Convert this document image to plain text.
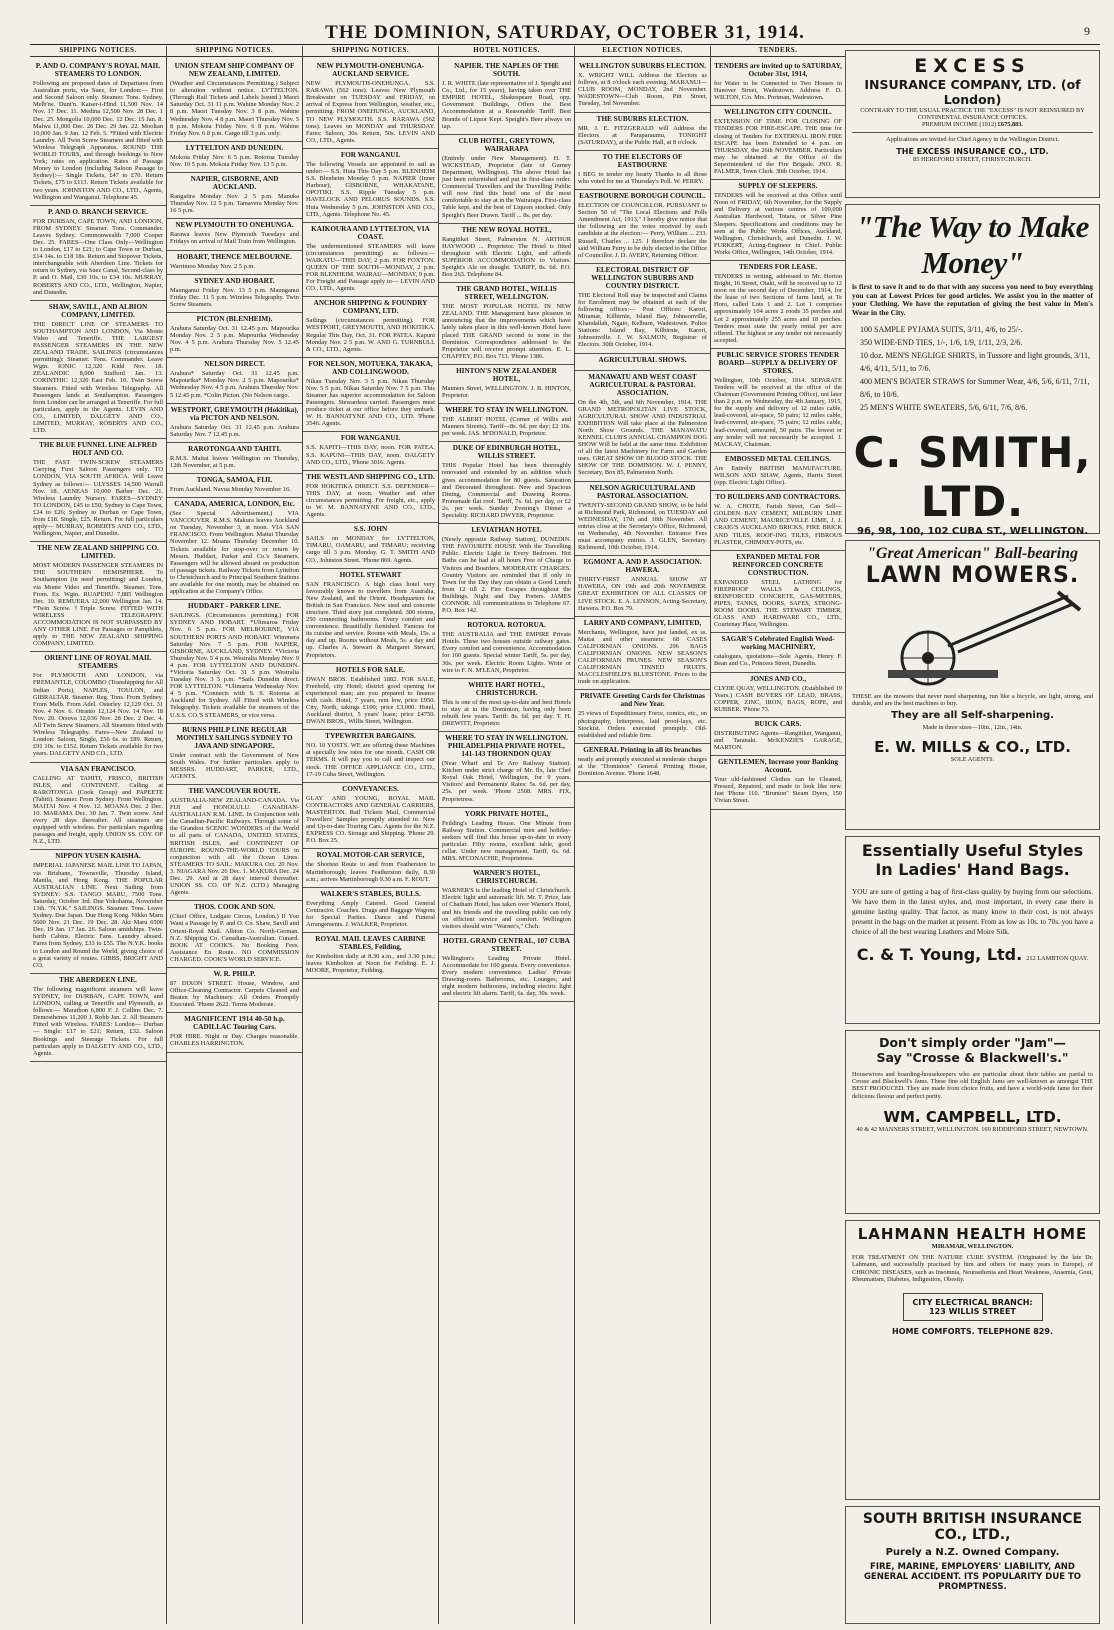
THE DOMINION, SATURDAY, OCTOBER 31, 1914.	9
SHIPPING NOTICES.
P. AND O. COMPANY'S ROYAL MAIL STEAMERS TO LONDON.
Following are proposed dates of Departures from Australian ports, via Suez, for London:— First and Second Saloon only. Steamer. Tons. Sydney. Melb'ne. Dunt'n. Kaiser-i-Hind 11,500 Nov. 14 Nov. 17 Dec. 11. Medina 12,500 Nov. 28 Dec. 1 Dec. 25. Mongolia 10,000 Dec. 12 Dec. 15 Jan. 8. Malwa 11,000 Dec. 26 Dec. 29 Jan. 22. Mooltan 10,000 Jan. 9 Jan. 12 Feb. 5. *Fitted with Electric Laundry. All Twin Screw Steamers and fitted with Wireless Telegraph Apparatus. ROUND THE WORLD TOURS, and through bookings to New York; rates on application. Rates of Passage Money to London (including Saloon Passage to Sydney):— Single Tickets, £47 to £70. Return Tickets, £75 to £113. Return Tickets available for two years. JOHNSTON AND CO., LTD., Agents, Wellington and Wanganui. Telephone 45.
P. AND O. BRANCH SERVICE.
FOR DURBAN, CAPE TOWN, AND LONDON, FROM SYDNEY. Steamer. Tons. Commander. Leaves Sydney. Commonwealth 7,000 Cooper Dec. 25. FARES—One Class Only—Wellington to London, £17 to £21; to Cape Town or Durban, £14 14s. to £18 18s. Return and Stopover Tickets, interchangeable with Aberdeen Line. Tickets for return to Sydney, via Suez Canal, Second-class by P. and O. Mail, £30 10s. to £34 10s. MURRAY, ROBERTS AND CO., LTD., Wellington, Napier, and Dunedin.
SHAW, SAVILL, AND ALBION COMPANY, LIMITED.
THE DIRECT LINE OF STEAMERS TO SOUTHAMPTON AND LONDON, Via Monte Video and Teneriffe. THE LARGEST PASSENGER STEAMERS IN THE NEW ZEALAND TRADE. SAILINGS (circumstances permitting): Steamer. Tons. Commander. Leave Wgtn. IONIC 12,320 Kidd Nov. 18. ZEALANDIC 8,000 Stafford Jan. 13. CORINTHIC 12,320 East Feb. 10. Twin Screw Steamers. Fitted with Wireless Telegraphy. All Passengers lands at Southampton. Passengers from London can be arranged at Teneriffe. For full particulars, apply to the Agents. LEVIN AND CO., LIMITED, DALGETY AND CO., LIMITED, MURRAY, ROBERTS AND CO., LTD.
THE BLUE FUNNEL LINE ALFRED HOLT AND CO.
THE FAST TWIN-SCREW STEAMERS Carrying First Saloon Passengers only. TO LONDON, VIA SOUTH AFRICA. Will Leave Sydney as follows:— ULYSSES 14,500 Warrall Nov. 18. AENEAS 10,000 Barber Dec. 21. Wireless Laundry Nursery. FARES—SYDNEY TO LONDON, £45 to £50; Sydney to Cape Town, £24 to £26; Sydney to Durban or Cape Town, from £18. Single, £25. Return. For full particulars apply— MURRAY, ROBERTS AND CO., LTD., Wellington, Napier, and Dunedin.
THE NEW ZEALAND SHIPPING CO. LIMITED.
MOST MODERN PASSENGER STEAMERS IN THE SOUTHERN HEMISPHERE. To Southampton (in need permitting) and London, via Monte Video and Teneriffe. Steamer. Tons. From. Ex. Wgtn. RUAPEHU 7,885 Wellington Dec. 10. REMUERA 12,000 Wellington Jan. 14. *Twin Screw. †Triple Screw. FITTED WITH WIRELESS TELEGRAPHY. ACCOMMODATION IS NOT SURPASSED BY ANY OTHER LINE. For Passages or Pamphlets, apply to THE NEW ZEALAND SHIPPING COMPANY, LIMITED.
ORIENT LINE OF ROYAL MAIL STEAMERS
For PLYMOUTH AND LONDON, via FREMANTLE, COLOMBO (Transhipping for All Indian Ports), NAPLES, TOULON, and GIBRALTAR. Steamer. Reg. Tons. From Sydney. From Melb. From Adel. Osterley 12,129 Oct. 31 Nov. 4 Nov. 6. Otranto 12,124 Nov. 14 Nov. 18 Nov. 20. Orsova 12,036 Nov. 28 Dec. 2 Dec. 4. All Twin Screw Steamers. All Steamers fitted with Wireless Telegraphy. Fares—New Zealand to London: Saloon, Single, £56 6s. to £89. Return, £91 10s. to £152. Return Tickets available for two years. DALGETY AND CO., LTD.
VIA SAN FRANCISCO.
CALLING AT TAHITI, FRISCO, BRITISH ISLES, and CONTINENT. Calling at RAROTONGA (Cook Group) and PAPEETE (Tahiti). Steamer. From Sydney. From Wellington. MAITAI Nov. 4 Nov. 12. MOANA Dec. 2 Dec. 10. MARAMA Dec. 30 Jan. 7. Twin screw. And every 28 days thereafter. All steamers are equipped with wireless. For particulars regarding passages and freight, apply UNION SS. COY. OF N.Z., LTD.
NIPPON YUSEN KAISHA.
IMPERIAL JAPANESE MAIL LINE TO JAPAN, via Brisbane, Townsville, Thursday Island, Manila, and Hong Kong. THE POPULAR AUSTRALIAN LINE. Next Sailing from SYDNEY: S.S. TANGO MARU, 7500 Tons. Saturday, October 3rd. Due Yokohama, November 13th. "N.Y.K." SAILINGS. Steamer. Tons. Leave Sydney. Due Japan. Due Hong Kong. Nikko Maru 5600 Nov. 21 Dec. 19 Dec. 28. Aki Maru 6500 Dec. 19 Jan. 17 Jan. 26. Saloon amidships. Twin-berth Cabins. Electric Fans. Laundry aboard. Fares from Sydney, £33 to £55. The N.Y.K. books to London and Round the World, giving choice of a great variety of routes. GIBBS, BRIGHT AND CO.
THE ABERDEEN LINE.
The following magnificent steamers will leave SYDNEY, for DURBAN, CAPE TOWN, and LONDON, calling at Teneriffe and Plymouth, as follows:— Marathon 6,800 F. J. Collins Dec. 7. Demosthenes 11,200 J. Robb Jan. 2. All Steamers Fitted with Wireless. FARES: London— Durban— Single: £17 to £21; Return, £32. Saloon Bookings and Steerage Tickets. For full particulars apply to DALGETY AND CO., LTD., Agents.
SHIPPING NOTICES.
UNION STEAM SHIP COMPANY OF NEW ZEALAND, LIMITED.
(Weather and Circumstances Permitting.) Subject to alteration without notice. LYTTELTON. (Through Rail Tickets and Labels Issued.) Maori Saturday Oct. 31 11 p.m. Wahine Monday Nov. 2 8 p.m. Maori Tuesday Nov. 3 8 p.m. Wahine Wednesday Nov. 4 8 p.m. Maori Thursday Nov. 5 8 p.m. Mokoia Friday Nov. 6 8 p.m. Wahine Friday Nov. 6 8 p.m. Cargo till 3 p.m. only.
LYTTELTON AND DUNEDIN.
Mokoia Friday Nov. 6 5 p.m. Rotorua Tuesday Nov. 10 5 p.m. Mokoia Friday Nov. 13 5 p.m.
NAPIER, GISBORNE, AND AUCKLAND.
Rangatira Monday Nov. 2 5 p.m. Manuka Thursday Nov. 12 5 p.m. Tamavera Monday Nov. 16 5 p.m.
NEW PLYMOUTH TO ONEHUNGA.
Rarawa leaves New Plymouth Tuesdays and Fridays on arrival of Mail Train from Wellington.
HOBART, THENCE MELBOURNE.
Warrimoo Monday Nov. 2 5 p.m.
SYDNEY AND HOBART.
Maunganui Friday Nov. 13 5 p.m. Maunganui Friday Dec. 11 5 p.m. Wireless Telegraphy. Twin Screw Steamers.
PICTON (BLENHEIM).
Arahura Saturday Oct. 31 12.45 p.m. Mapourika Monday Nov. 2 5 p.m. Mapourika Wednesday Nov. 4 5 p.m. Arahura Thursday Nov. 5 12.45 p.m.
NELSON DIRECT.
Arahura* Saturday Oct. 31 12.45 p.m. Mapourika* Monday Nov. 2 5 p.m. Mapourika* Wednesday Nov. 4 5 p.m. Arahura Thursday Nov. 5 12.45 p.m. *Colin Picton. (No Nelson cargo.
WESTPORT, GREYMOUTH (Hokitika), via PICTON AND NELSON.
Arahura Saturday Oct. 31 12.45 p.m. Arahura Saturday Nov. 7 12.45 p.m.
RAROTONGA AND TAHITI.
R.M.S. Maitai leaves Wellington on Thursday, 12th November, at 5 p.m.
TONGA, SAMOA, FIJI.
From Auckland. Navua Monday November 16.
CANADA, AMERICA, LONDON, Etc.
(See Special Advertisement.) VIA VANCOUVER. R.M.S. Makura leaves Auckland on Tuesday, November 3, at noon. VIA SAN FRANCISCO. From Wellington. Maitai Thursday November 12. Moana Thursday December 10. Tickets available for stop-over or return by Messrs. Huddart, Parker and Co.'s Steamers. Passengers will be allowed aboard on production of passage tickets. Railway Tickets from Lyttelton to Christchurch and to Principal Southern Stations are available for one month, may be obtained on application at the Company's Office.
HUDDART - PARKER LINE.
SAILINGS. (Circumstances permitting.) FOR SYDNEY AND HOBART. *Ulimaroa Friday Nov. 6 5 p.m. FOR MELBOURNE, VIA SOUTHERN PORTS AND HOBART. Wimmera Saturday Nov. 7 5 p.m. FOR NAPIER, GISBORNE, AUCKLAND, SYDNEY. *Victoria Thursday Nov. 5 4 p.m. Westralia Monday Nov. 9 4 p.m. FOR LYTTELTON AND DUNEDIN. *Victoria Saturday Oct. 31 5 p.m. Westralia Tuesday Nov. 3 5 p.m. *Sails Dunedin direct. FOR LYTTELTON. *Ulimaroa Wednesday Nov. 4 5 p.m. *Connects with S. S. Rotorua at Auckland for Sydney. All Fitted with Wireless Telegraphy. Tickets available for steamers of the U.S.S. CO.'S STEAMERS, or vice versa.
BURNS PHILP LINE REGULAR MONTHLY SAILINGS SYDNEY TO JAVA AND SINGAPORE.
Under contract with the Government of New South Wales. For further particulars apply to MESSRS. HUDDART, PARKER, LTD., AGENTS.
THE VANCOUVER ROUTE.
AUSTRALIA-NEW ZEALAND-CANADA. Via FIJI and HONOLULU. CANADIAN-AUSTRALIAN R.M. LINE. In Conjunction with the Canadian-Pacific Railways. Through some of the Grandest SCENIC WONDERS of the World to all parts of CANADA, UNITED STATES, BRITISH ISLES, and CONTINENT OF EUROPE. ROUND-THE-WORLD TOURS in conjunction with all the Ocean Lines. STEAMERS TO SAIL: MAKURA Oct. 20 Nov. 3. NIAGARA Nov. 26 Dec. 1. MAKURA Dec. 24 Dec. 29. And at 28 days' interval thereafter. UNION SS. CO. OF N.Z. (LTD.) Managing Agents.
THOS. COOK AND SON.
(Chief Office, Ludgate Circus, London.) If You Want a Passage by P. and O. Co. Shaw, Savill and Orient-Royal Mail. Albion Co. North-German. N.Z. Shipping Co. Canadian-Australian. Cunard. BOOK AT COOK'S. No Booking Fees. Assistance En Route. NO COMMISSION CHARGED. COOK'S WORLD SERVICE.
W. R. PHILP.
87 DIXON STREET. House, Window, and Office-Cleaning Contractor. Carpets Cleaned and Beaten by Machinery. All Orders Promptly Executed. 'Phone 2622. Terms Moderate.
MAGNIFICENT 1914 40-50 h.p. CADILLAC Touring Cars.
FOR HIRE. Night or Day. Charges reasonable. CHARLES HARRINGTON.
SHIPPING NOTICES.
NEW PLYMOUTH-ONEHUNGA-AUCKLAND SERVICE.
NEW PLYMOUTH-ONEHUNGA. S.S. RARAWA (562 tons). Leaves New Plymouth Breakwater on TUESDAY and FRIDAY, on arrival of Express from Wellington, weather, etc., permitting. FROM ONEHUNGA, AUCKLAND, TO NEW PLYMOUTH. S.S. RARAWA (562 tons). Leaves on MONDAY and THURSDAY. Fares: Saloon, 30s. Return, 50s. LEVIN AND CO., LTD., Agents.
FOR WANGANUI.
The following Vessels are appointed to sail as under:— S.S. Huia This Day 5 p.m. BLENHEIM S.S. Blenheim Monday 5 p.m. NAPIER (Inner Harbour), GISBORNE, WHAKATANE, OPOTIKI. S.S. Ripple Tuesday 5 p.m. HAVELOCK AND PELORUS SOUNDS. S.S. Huia Wednesday 5 p.m. JOHNSTON AND CO., LTD., Agents. Telephone No. 45.
KAIKOURA AND LYTTELTON, VIA COAST.
The undermentioned STEAMERS will leave (circumstances permitting) as follows:— WAIKATU—THIS DAY, 2 p.m. FOR FOXTON. QUEEN OF THE SOUTH—MONDAY, 2 p.m. FOR BLENHEIM. WAIRAU—MONDAY, 9 p.m. For Freight and Passage apply to— LEVIN AND CO., LTD., Agents.
ANCHOR SHIPPING & FOUNDRY COMPANY, LTD.
Sailings (circumstances permitting). FOR WESTPORT, GREYMOUTH, AND HOKITIKA. Regular This Day, Oct. 31. FOR PATEA. Kapuni Monday Nov. 2 5 p.m. W. AND G. TURNBULL & CO., LTD., Agents.
FOR NELSON, MOTUEKA, TAKAKA, AND COLLINGWOOD.
Nikau Tuesday Nov. 3 5 p.m. Nikau Thursday Nov. 5 5 p.m. Nikau Saturday Nov. 7 5 p.m. This Steamer has superior accommodation for Saloon Passengers. Stewardess carried. Passengers must produce ticket at our office before they embark. W. H. BANNATYNE AND CO., LTD. 'Phone 3546. Agents.
FOR WANGANUI.
S.S. KAPITI—THIS DAY, noon. FOR PATEA. S.S. KAPUNI—THIS DAY, noon. DALGETY AND CO., LTD., 'Phone 3016. Agents.
THE WESTLAND SHIPPING CO., LTD.
FOR HOKITIKA DIRECT. S.S. DEFENDER—THIS DAY, at noon. Weather and other circumstances permitting. For freight, etc., apply to W. M. BANNATYNE AND CO., LTD., Agents.
S.S. JOHN
SAILS on MONDAY for LYTTELTON, TIMARU, OAMARU, and TIMARU; receiving cargo till 3 p.m. Monday. G. T. SMITH AND CO., Johnston Street. 'Phone 869. Agents.
HOTEL STEWART
SAN FRANCISCO. A high class hotel very favourably known to travellers from Australia, New Zealand, and the Orient. Headquarters for British in San Francisco. New steel and concrete structure. Third story just completed. 300 rooms, 250 connecting bathrooms. Every comfort and convenience. Beautifully furnished. Famous for its cuisine and service. Rooms with Meals, 15s. a day and up. Rooms without Meals, 5s. a day and up. Charles A. Stewart & Margaret Stewart, Proprietors.
HOTELS FOR SALE.
DWAN BROS. Established 1882. FOR SALE, Freehold, city Hotel; district good opening for experienced man; are you prepared to finance with cash. Hotel, 7 years, rent low, price £950. City, North, takings £100; price £3,000. Hotel, Auckland district, 5 years' lease; price £4750. DWAN BROS., Willis Street, Wellington.
TYPEWRITER BARGAINS.
NO. 10 YOSTS. WE are offering these Machines at specially low rates for one month. CASH OR TERMS. It will pay you to call and inspect our stock. THE OFFICE APPLIANCE CO., LTD., 17-19 Cuba Street, Wellington.
CONVEYANCES.
GLAY AND YOUNG, ROYAL MAIL CONTRACTORS AND GENERAL CARRIERS, MASTERTON. Rail Tickets Mail, Commercial Travellers' Samples promptly attended to. New and Up-to-date Touring Cars. Agents for the N.Z. EXPRESS CO. Storage and Shipping. 'Phone 29. P.O. Box 25.
ROYAL MOTOR-CAR SERVICE,
the Shortest Route to and from Featherston to Martinborough; leaves Featherston daily, 8.30 a.m.; arrives Martinborough 9.30 a.m. F. ROUT.
WALKER'S STABLES, BULLS.
Everything Amply Catered. Good General Contractor. Coaches. Drags and Baggage Wagons for Special Parties. Dance and Funeral Arrangements. J. WALKER, Proprietor.
ROYAL MAIL LEAVES CARBINE STABLES, Feilding,
for Kimbolton daily at 8.30 a.m., and 3.30 p.m.; leaves Kimbolton at Noon for Feilding. E. J. MOORE, Proprietor, Feilding.
HOTEL NOTICES.
NAPIER. THE NAPLES OF THE SOUTH.
J. R. WHITE (late representative of J. Speight and Co., Ltd., for 15 years), having taken over THE EMPIRE HOTEL, Shakespeare Road, opp. Government Buildings, Offers the Best Accommodation at a Reasonable Tariff. Best Brands of Liquor Kept. Speight's Beer always on tap.
CLUB HOTEL, GREYTOWN, WAIRARAPA
(Entirely under New Management). H. T. WICKSTEAD, Proprietor (late of Gurney Department, Wellington). The above Hotel has just been refurnished and put in first-class order. Commercial Travellers and the Travelling Public will now find this hotel one of the most comfortable to stay at in the Wairarapa. First-class Table kept, and the best of Liquors stocked. Only Speight's Beer Drawn. Tariff ... 8s. per day.
THE NEW ROYAL HOTEL,
Rangitikei Street, Palmerston N. ARTHUR HAYWOOD ... Proprietor. The Hotel is fitted throughout with Electric Light, and affords SUPERIOR ACCOMMODATION to Visitors. Speight's Ale on draught. TARIFF, 8s. 6d. P.O. Box 263. Telephone 84.
THE GRAND HOTEL, WILLIS STREET, WELLINGTON.
THE MOST POPULAR HOTEL IN NEW ZEALAND. THE Management have pleasure in announcing that the improvements which have lately taken place in this well-known Hotel have placed THE GRAND second to none in the Dominion. Correspondence addressed to the Proprietor will receive prompt attention. E. L. CHAFFEY, P.O. Box 713. 'Phone 1386.
HINTON'S NEW ZEALANDER HOTEL,
Manners Street, WELLINGTON. J. B. HINTON, Proprietor.
WHERE TO STAY IN WELLINGTON.
THE ALBERT HOTEL (Corner of Willis and Manners Streets). Tariff—8s. 6d. per day; £2 10s. per week. JAS. M'DONALD, Proprietor.
DUKE OF EDINBURGH HOTEL, WILLIS STREET.
THIS Popular Hotel has been thoroughly renovated and extended by an addition which gives accommodation for 80 guests. Saturation and Decorated throughout. New and Spacious Dining, Commercial and Drawing Rooms. Promenade flat roof. Tariff, 7s. 6d. per day, or £2 2s. per week. Sunday Evening's Dinner a Speciality. RICHARD DWYER, Proprietor.
LEVIATHAN HOTEL
(Newly opposite Railway Station), DUNEDIN. THE FAVOURITE HOUSE With the Travelling Public. Electric Light in Every Bedroom. Hot Baths can be had at all hours Free of Charge to Visitors and Boarders. MODERATE CHARGES. Country Visitors are reminded that if only in Town for the Day they can obtain a Good Lunch from 12 till 2. Fire Escapes throughout the Buildings. Night and Day Porters. JAMES CONNOR. All communications to Telephone 67. P.O. Box 142.
ROTORUA. ROTORUA.
THE AUSTRALIA and THE EMPIRE Private Hotels. These two houses outside railway gates. Every comfort and convenience. Accommodation for 160 guests. Special winter Tariff, 5s. per day, 30s. per week. Electric Room Lights. Write or wire to F. N. M'LEAN, Proprietor.
WHITE HART HOTEL, CHRISTCHURCH.
This is one of the most up-to-date and best Hotels to stay at in the Dominion, having only been rebuilt few years. Tariff: 8s. 6d. per day. T. H. DREWITT, Proprietor.
WHERE TO STAY IN WELLINGTON. PHILADELPHIA PRIVATE HOTEL, 141-143 THORNDON QUAY
(Near Wharf and Te Aro Railway Station). Kitchen under strict charge of Mr. Ilx, late Chef Royal Oak Hotel, Wellington, for 9 years. Visitors' and Permanents' Rates: 5s. 6d. per day, 25s. per week. 'Phone 2508. MRS. FIX, Proprietress.
YORK PRIVATE HOTEL,
Feilding's Leading House. One Minute from Railway Station. Commercial men and holiday-seekers will find this house up-to-date in every particular. Fifty rooms, excellent table, good cellar. Under new management. Tariff, 6s. 6d. MRS. M'CONACHIE, Proprietress.
WARNER'S HOTEL, CHRISTCHURCH.
WARNER'S is the leading Hotel of Christchurch. Electric light and automatic lift. Mr. T. Price, late of Chatham Hotel, has taken over Warner's Hotel, and his friends and the travelling public can rely on efficient service and comfort. Wellington visitors should wire "Warner's," Chch.
HOTEL GRAND CENTRAL, 107 CUBA STREET.
Wellington's Leading Private Hotel. Accommodate for 100 guests. Every convenience. Every modern convenience. Ladies' Private Drawing-room. Bathrooms, etc. Lounges, and eight modern bathrooms, including electric light and electric lift alarm. Tariff, 6s. day, 30s. week.
ELECTION NOTICES.
WELLINGTON SUBURBS ELECTION.
X. WRIGHT WILL Address the Electors as follows, at 8 o'clock each evening. MARANUI—CLUB ROOM, MONDAY, 2nd November. WADESTOWN—Club Room, Pitt Street, Tuesday, 3rd November.
THE SUBURBS ELECTION.
MR. J. E. FITZGERALD will Address the Electors at Paraparaumu, TONIGHT (SATURDAY), at the Public Hall, at 8 o'clock.
TO THE ELECTORS OF EASTBOURNE
I BEG to tender my hearty Thanks to all those who voted for me at Thursday's Poll. W. PERRY.
EASTBOURNE BOROUGH COUNCIL.
ELECTION OF COUNCILLOR. PURSUANT to Section 50 of "The Local Elections and Polls Amendment Act, 1913," I hereby give notice that the following are the votes received by each candidate at the election:— Perry, William ... 233. Russell, Charles ... 125. I therefore declare the said William Perry to be duly elected to the Office of Councillor. J. D. AVERY, Returning Officer.
ELECTORAL DISTRICT OF WELLINGTON SUBURBS AND COUNTRY DISTRICT.
THE Electoral Roll may be inspected and Claims for Enrolment may be obtained at each of the following offices:— Post Offices: Karori, Miramar, Kilbirnie, Island Bay, Johnsonville, Khandallah, Ngaio, Kelburn, Wadestown. Police Stations: Island Bay, Kilbirnie, Karori, Johnsonville. J. W. SALMON, Registrar of Electors. 30th October, 1914.
AGRICULTURAL SHOWS.
MANAWATU AND WEST COAST AGRICULTURAL & PASTORAL ASSOCIATION.
On the 4th, 5th, and 6th November, 1914. THE GRAND METROPOLITAN LIVE STOCK, AGRICULTURAL SHOW AND INDUSTRIAL EXHIBITION Will take place at the Palmerston North Show Grounds. THE MANAWATU KENNEL CLUB'S ANNUAL CHAMPION DOG SHOW Will be held at the same time. Exhibition of all the latest Machinery for Farm and Garden uses. GREAT SHOW OF BLOOD STOCK. THE SHOW OF THE DOMINION. W. J. PENNY, Secretary, Box 85, Palmerston North.
NELSON AGRICULTURAL AND PASTORAL ASSOCIATION.
TWENTY-SECOND GRAND SHOW, to be held at Richmond Park, Richmond, on TUESDAY and WEDNESDAY, 17th and 18th November. All entries close at the Secretary's Office, Richmond, on Wednesday, 4th November. Entrance Fees must accompany entries. J. GLEN, Secretary. Richmond, 10th October, 1914.
EGMONT A. AND P. ASSOCIATION. HAWERA.
THIRTY-FIRST ANNUAL SHOW AT HAWERA, ON 19th and 20th NOVEMBER. GREAT EXHIBITION OF ALL CLASSES OF LIVE STOCK. E. A. LENNON, Acting-Secretary, Hawera. P.O. Box 79.
LARRY AND COMPANY, LIMITED,
Merchants, Wellington, have just landed, ex ss. Maitai and other steamers: 68 CASES CALIFORNIAN ONIONS. 296 BAGS CALIFORNIAN ONIONS. NEW SEASON'S CALIFORNIAN PRUNES. NEW SEASON'S CALIFORNIAN TINNED FRUITS. MACCLESFIELD'S BLUESTONE. Prices to the trade on application.
PRIVATE Greeting Cards for Christmas and New Year.
25 views of Expeditionary Force, comics, etc., on photography, letterpress, laid proof-lays, etc. Stockist. Orders executed promptly. Old-established and reliable firm.
GENERAL Printing in all its branches
neatly and promptly executed at moderate charges at the "Dominion" General Printing House, Dominion Avenue. 'Phone 1648.
TENDERS.
TENDERS are invited up to SATURDAY, October 31st, 1914,
for Water to be Connected to Two Houses in Hanover Street, Wadestown. Address F. D. WILTON, C/o. Mrs. Portman, Wadestown.
WELLINGTON CITY COUNCIL.
EXTENSION OF TIME FOR CLOSING OF TENDERS FOR FIRE-ESCAPE. THE time for closing of Tenders for EXTERNAL IRON FIRE ESCAPE has been Extended to 4 p.m. on THURSDAY, the 26th NOVEMBER. Particulars may be obtained at the Office of the Superintendent of the Fire Brigade. JNO. R. PALMER, Town Clerk. 30th October, 1914.
SUPPLY OF SLEEPERS.
TENDERS will be received at this Office until Noon of FRIDAY, 6th November, for the Supply and Delivery at various centres of 100,000 Australian Hardwood, Totara, or Silver Pine Sleepers. Specifications and conditions may be seen at the Public Works Offices, Auckland, Wellington, Christchurch, and Dunedin. J. W. FURKERT, Acting-Engineer in Chief. Public Works Office, Wellington, 14th October, 1914.
TENDERS FOR LEASE.
TENDERS in writing, addressed to Mr. Horton Bright, 16 Street, Otaki, will be received up to 12 noon on the second day of December, 1914, for the lease of two Sections of farm land, at Te Horo, called Lots 1 and 2. Lot 1 comprises approximately 104 acres 2 roods 35 perches and Lot 2 approximately 255 acres and 18 perches. Tenders must state the yearly rental per acre offered. The highest or any tender not necessarily accepted.
PUBLIC SERVICE STORES TENDER BOARD—SUPPLY & DELIVERY OF STORES.
Wellington, 10th October, 1914. SEPARATE Tenders will be received at the office of the Chairman (Government Printing Office), not later than 2 p.m. on Wednesday, the 4th January, 1915, for the supply and delivery of 12 miles cable, lead-covered, air-space, 50 pairs; 12 miles cable, lead-covered, air-space, 75 pairs; 12 miles cable, lead-covered, armoured, 50 pairs. The lowest or any tender will not necessarily be accepted. J. MACKAY, Chairman.
EMBOSSED METAL CEILINGS.
Are Entirely BRITISH MANUFACTURE. WILSON AND SHAW, Agents, Harris Street (opp. Electric Light Office).
TO BUILDERS AND CONTRACTORS.
W. A. CHOTE, Farish Street, Can Sell— GOLDEN BAY CEMENT, MILBURN LIME AND CEMENT, MAURICEVILLE LIME, J. J. CRAIG'S AUCKLAND BRICKS, FIRE BRICK AND TILES, ROOF-ING TILES, FIBROUS PLASTER, CHIMNEY-POTS, etc.
EXPANDED METAL FOR REINFORCED CONCRETE CONSTRUCTION.
EXPANDED STEEL LATHING for FIREPROOF WALLS & CEILINGS, REINFORCED CONCRETE, GAS-METERS, PIPES, TANKS, DOORS, SAFES, STRONG-ROOM DOORS. THE STEWART TIMBER, GLASS AND HARDWARE CO., LTD., Courtenay Place, Wellington.
SAGAR'S Celebrated English Weed-working MACHINERY,
catalogues, quotations—Sole Agents, Henry F. Bean and Co., Princess Street, Dunedin.
JONES AND CO.,
CLYDE QUAY, WELLINGTON. (Established 19 Years.) CASH BUYERS OF LEAD, BRASS, COPPER, ZINC, IRON, BAGS, ROPE, and RUBBER. 'Phone 73.
BUICK CARS.
DISTRIBUTING Agents—Rangitikei, Wanganui, and Taranaki. McKENZIE'S GARAGE, MARTON.
GENTLEMEN, Increase your Banking Account.
Your old-fashioned Clothes can be Cleaned, Pressed, Repaired, and made to look like new. Just 'Phone 110. "Brunton" Steam Dyers, 150 Vivian Street.
EXCESS
INSURANCE COMPANY, LTD. (of London)
CONTRARY TO THE USUAL PRACTICE THE "EXCESS" IS NOT REINSURED BY CONTINENTAL INSURANCE OFFICES.
PREMIUM INCOME (1912) £675,883.
Applications are invited for Chief Agency in the Wellington District.
THE EXCESS INSURANCE CO., LTD.
85 HEREFORD STREET, CHRISTCHURCH.
"The Way to Make Money"
is first to save it and to do that with any success you need to buy everything you can at Lowest Prices for good articles. We assist you in the matter of your Clothing. We have the reputation of giving the best value in Men's Wear in the City.
100 SAMPLE PYJAMA SUITS, 3/11, 4/6, to 25/-.
350 WIDE-END TIES, 1/-, 1/6, 1/9, 1/11, 2/3, 2/6.
10 doz. MEN'S NEGLIGE SHIRTS, in Tussore and light grounds, 3/11, 4/6, 4/11, 5/11, to 7/6.
400 MEN'S BOATER STRAWS for Summer Wear, 4/6, 5/6, 6/11, 7/11, 8/6, to 10/6.
25 MEN'S WHITE SWEATERS, 5/6, 6/11, 7/6, 8/6.
C. SMITH, LTD.
96, 98, 100, 102 CUBA ST., WELLINGTON.
"Great American" Ball-bearing
LAWN MOWERS.
THESE are the mowers that never need sharpening, run like a bicycle, are light, strong, and durable, and are the best machines to buy.
They are all Self-sharpening.
Made in three sizes—10in., 12in., 14in.
E. W. MILLS & CO., LTD.
SOLE AGENTS.
Essentially Useful Styles
In Ladies' Hand Bags.
YOU are sure of getting a bag of first-class quality by buying from our selections. We have them in the latest styles, and, most important, in every case there is genuine lasting quality. That factor, as many know to their cost, is not always present in the bags on the market at present. From as low as 10s. to 70s. you have a choice of all the best wearing Leathers and Moire Silk.
C. & T. Young, Ltd. 212 LAMBTON QUAY.
Don't simply order "Jam"—
Say "Crosse & Blackwell's."
Housewives and boarding-housekeepers who are particular about their tables are partial to Crosse and Blackwell's Jams. These fine old English Jams are well-known as amongst THE BEST PRODUCED. They are made from choice fruits, and have a world-wide fame for their delicious flavour and perfect purity.
WM. CAMPBELL, LTD.
40 & 42 MANNERS STREET, WELLINGTON. 169 RIDDIFORD STREET, NEWTOWN.
LAHMANN HEALTH HOME
MIRAMAR, WELLINGTON.
FOR TREATMENT ON THE NATURE CURE SYSTEM. (Originated by the late Dr. Lahmann, and successfully practised by him and others for many years in Europe), of CHRONIC DISEASES, such as Insomnia, Neurasthenia and Heart Weakness, Anaemia, Gout, Rheumatism, Diabetes, Indigestion, Obesity.
CITY ELECTRICAL BRANCH: 123 WILLIS STREET
HOME COMFORTS. TELEPHONE 829.
SOUTH BRITISH INSURANCE CO., LTD.,
Purely a N.Z. Owned Company.
FIRE, MARINE, EMPLOYERS' LIABILITY, AND GENERAL ACCIDENT. ITS POPULARITY DUE TO PROMPTNESS.
